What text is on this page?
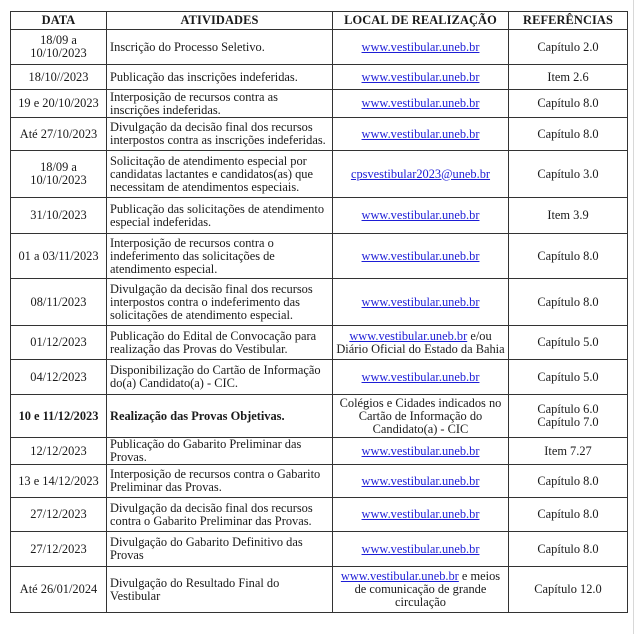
DATA	ATIVIDADES	LOCAL DE REALIZAÇÃO	REFERÊNCIAS
18/09 a 10/10/2023	Inscrição do Processo Seletivo.	www.vestibular.uneb.br	Capítulo 2.0

18/10//2023	Publicação das inscrições indeferidas.	www.vestibular.uneb.br	Item 2.6

19 e 20/10/2023	Interposição de recursos contra as inscrições indeferidas.	www.vestibular.uneb.br	Capítulo 8.0

Até 27/10/2023	Divulgação da decisão final dos recursos interpostos contra as inscrições indeferidas.	www.vestibular.uneb.br	Capítulo 8.0

18/09 a 10/10/2023	Solicitação de atendimento especial por candidatas lactantes e candidatos(as) que necessitam de atendimentos especiais.	cpsvestibular2023@uneb.br	Capítulo 3.0

31/10/2023	Publicação das solicitações de atendimento especial indeferidas.	www.vestibular.uneb.br	Item 3.9

01 a 03/11/2023	Interposição de recursos contra o indeferimento das solicitações de atendimento especial.	www.vestibular.uneb.br	Capítulo 8.0

08/11/2023	Divulgação da decisão final dos recursos interpostos contra o indeferimento das solicitações de atendimento especial.	www.vestibular.uneb.br	Capítulo 8.0

01/12/2023	Publicação do Edital de Convocação para realização das Provas do Vestibular.	www.vestibular.uneb.br e/ou Diário Oficial do Estado da Bahia	Capítulo 5.0

04/12/2023	Disponibilização do Cartão de Informação do(a) Candidato(a) - CIC.	www.vestibular.uneb.br	Capítulo 5.0

10 e 11/12/2023	Realização das Provas Objetivas.	Colégios e Cidades indicados no Cartão de Informação do Candidato(a) - CIC	Capítulo 6.0
Capítulo 7.0

12/12/2023	Publicação do Gabarito Preliminar das Provas.	www.vestibular.uneb.br	Item 7.27

13 e 14/12/2023	Interposição de recursos contra o Gabarito Preliminar das Provas.	www.vestibular.uneb.br	Capítulo 8.0

27/12/2023	Divulgação da decisão final dos recursos contra o Gabarito Preliminar das Provas.	www.vestibular.uneb.br	Capítulo 8.0

27/12/2023	Divulgação do Gabarito Definitivo das Provas	www.vestibular.uneb.br	Capítulo 8.0

Até 26/01/2024	Divulgação do Resultado Final do Vestibular	www.vestibular.uneb.br e meios de comunicação de grande circulação	Capítulo 12.0
